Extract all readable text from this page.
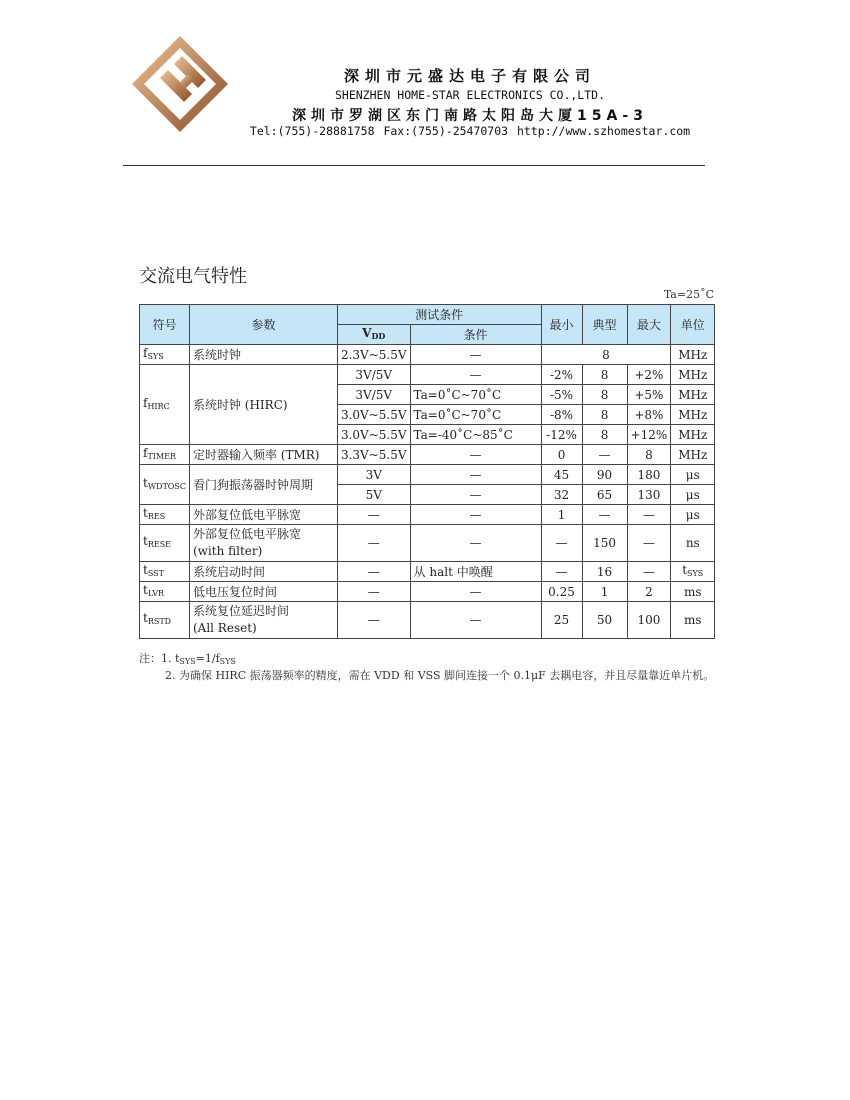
深圳市元盛达电子有限公司
SHENZHEN HOME-STAR ELECTRONICS CO.,LTD.
深圳市罗湖区东门南路太阳岛大厦15A-3
Tel:(755)-28881758 Fax:(755)-25470703 http://www.szhomestar.com
交流电气特性
Ta=25˚C
符号	参数	测试条件		最小	典型	最大	单位
		$V_{DD}$	条件				
$f_{SYS}$	系统时钟	2.3V~5.5V	—	8			MHz
$f_{HIRC}$	系统时钟 (HIRC)	3V/5V	—	-2%	8	+2%	MHz
		3V/5V	Ta=0˚C~70˚C	-5%	8	+5%	MHz
		3.0V~5.5V	Ta=0˚C~70˚C	-8%	8	+8%	MHz
		3.0V~5.5V	Ta=-40˚C~85˚C	-12%	8	+12%	MHz
$f_{TIMER}$	定时器输入频率 (TMR)	3.3V~5.5V	—	0	—	8	MHz
$t_{WDTOSC}$	看门狗振荡器时钟周期	3V	—	45	90	180	μs
		5V	—	32	65	130	μs
$t_{RES}$	外部复位低电平脉宽	—	—	1	—	—	μs
$t_{RESE}$	外部复位低电平脉宽
(with filter)	—	—	—	150	—	ns
$t_{SST}$	系统启动时间	—	从 halt 中唤醒	—	16	—	$t_{SYS}$
$t_{LVR}$	低电压复位时间	—	—	0.25	1	2	ms
$t_{RSTD}$	系统复位延迟时间
(All Reset)	—	—	25	50	100	ms
注：1. $t_{SYS}=1/f_{SYS}$
2. 为确保 HIRC 振荡器频率的精度，需在 VDD 和 VSS 脚间连接一个 0.1μF 去耦电容，并且尽量靠近单片机。
